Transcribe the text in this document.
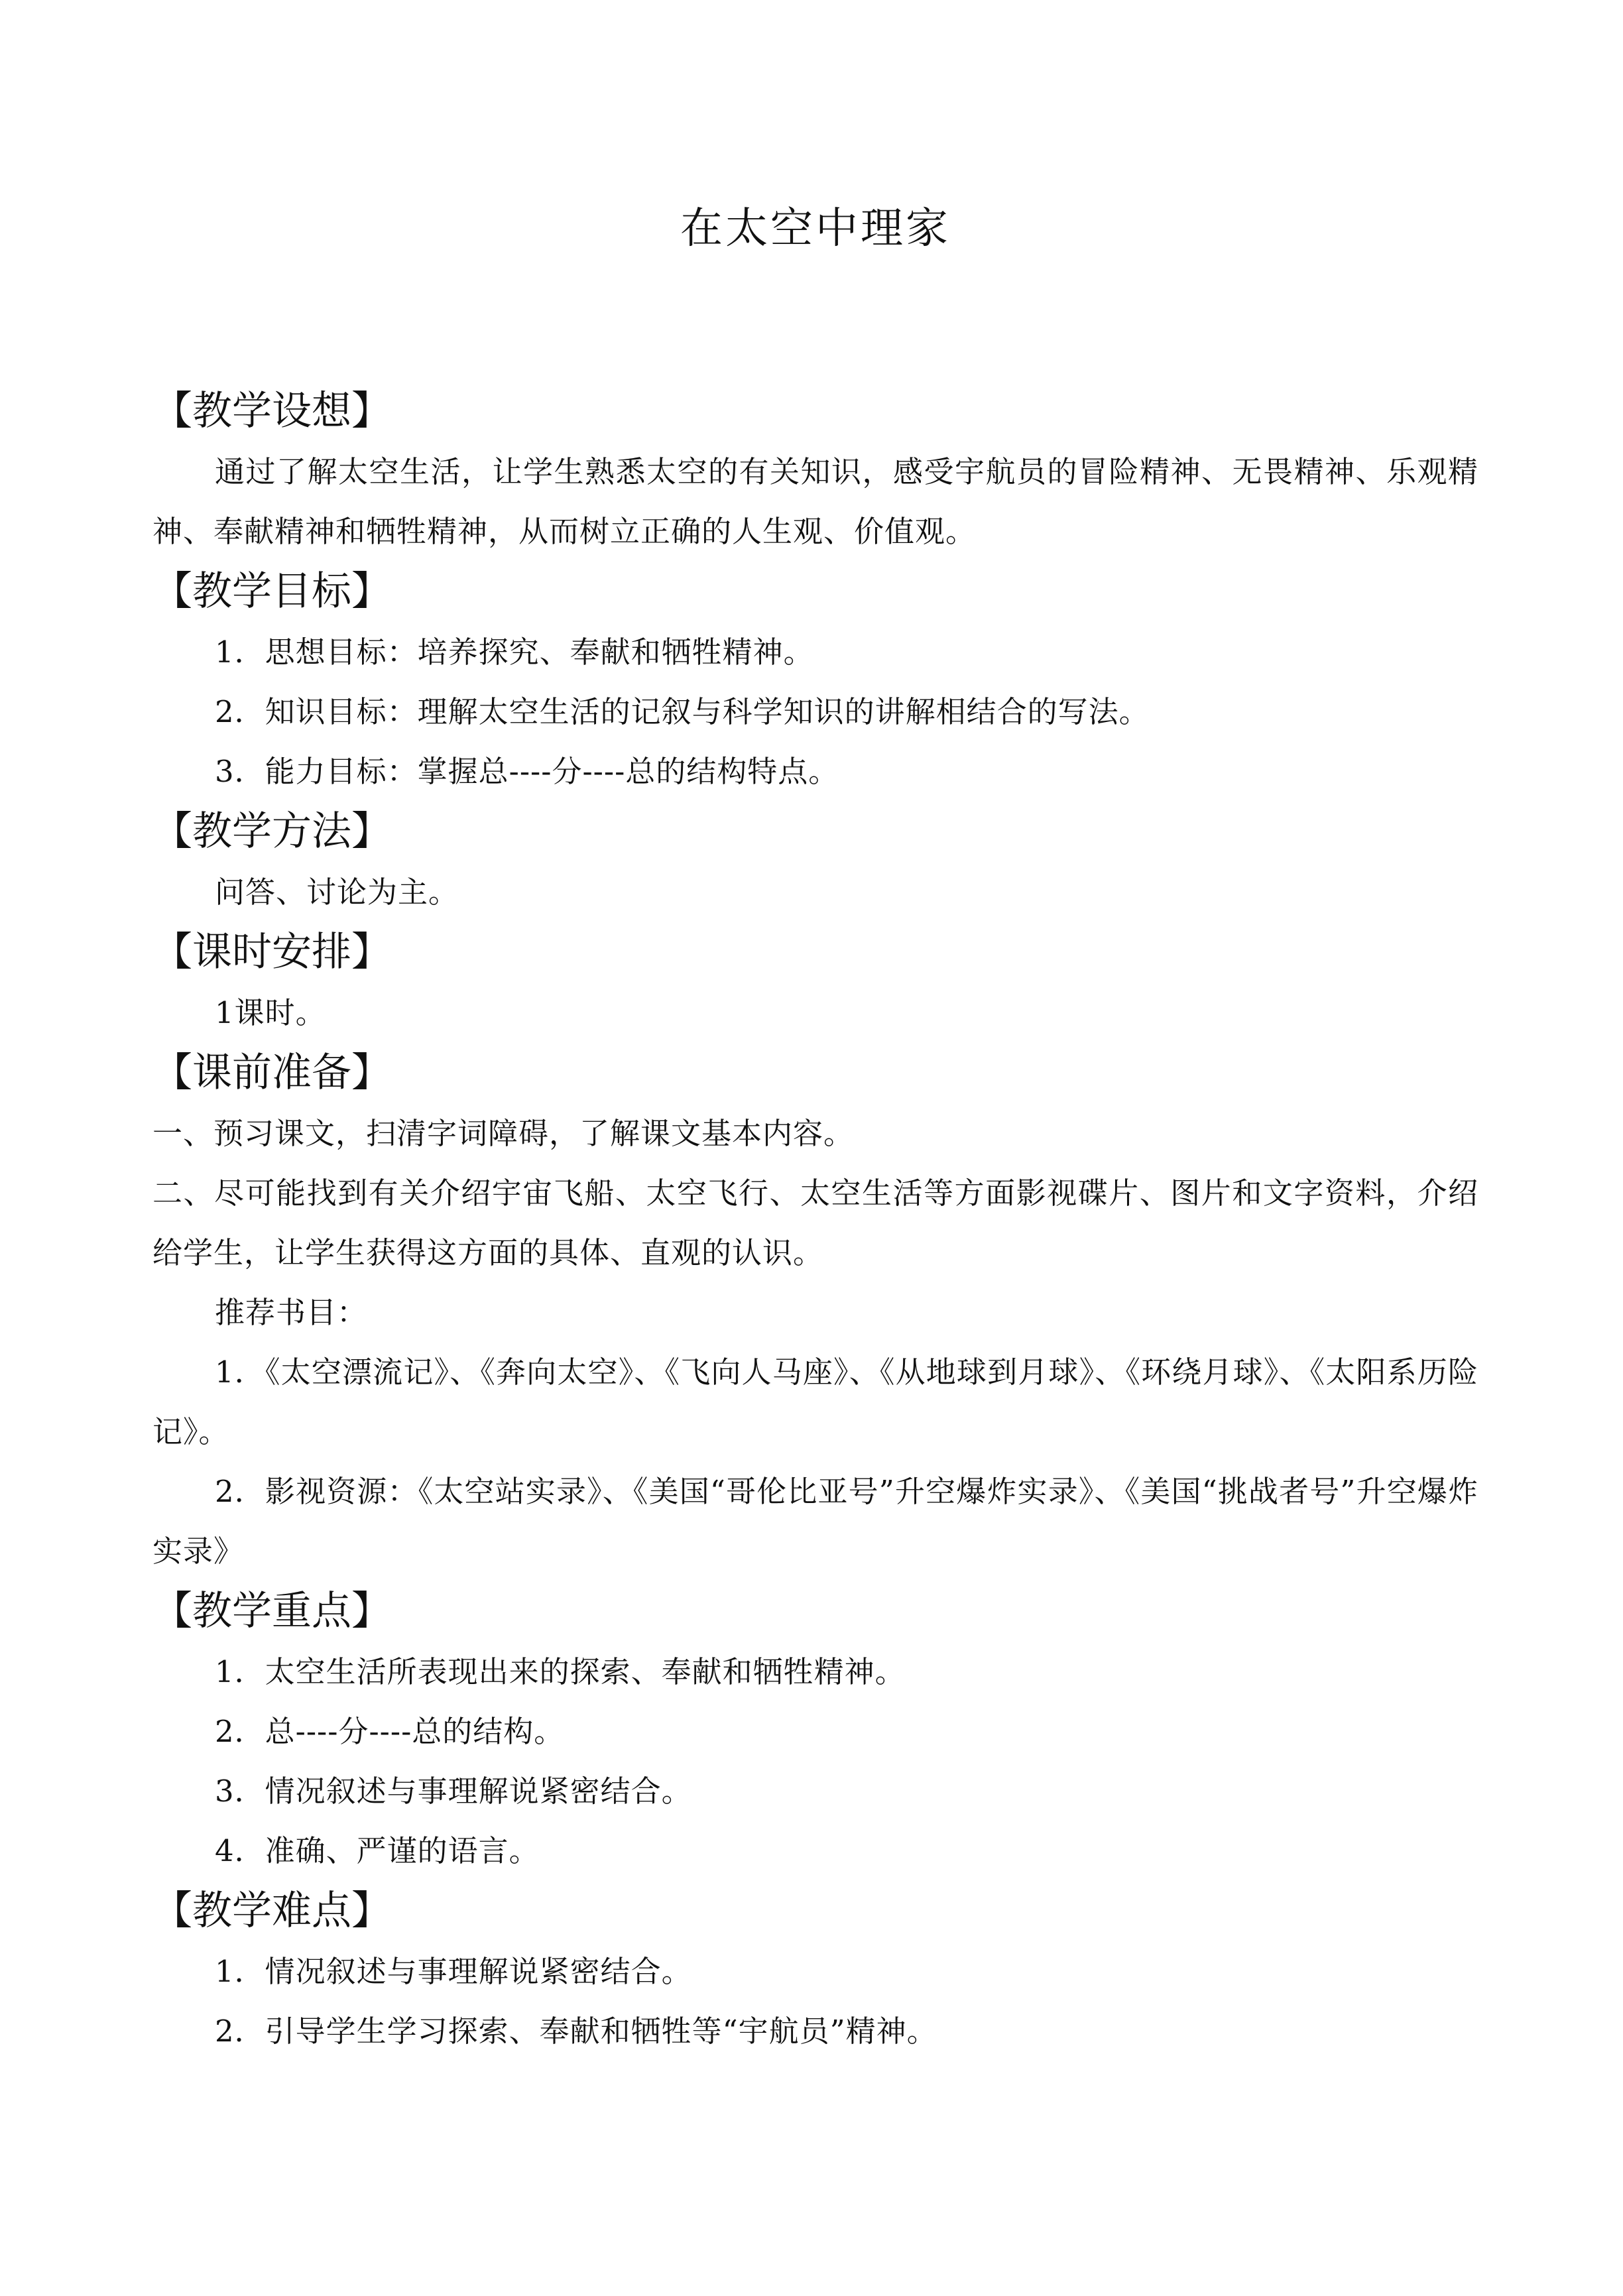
在太空中理家
【教学设想】

通过了解太空生活，让学生熟悉太空的有关知识，感受宇航员的冒险精神、无畏精神、乐观精神、奉献精神和牺牲精神，从而树立正确的人生观、价值观。

【教学目标】

1．思想目标：培养探究、奉献和牺牲精神。

2．知识目标：理解太空生活的记叙与科学知识的讲解相结合的写法。

3．能力目标：掌握总----分----总的结构特点。

【教学方法】

问答、讨论为主。

【课时安排】

1课时。

【课前准备】

一、预习课文，扫清字词障碍，了解课文基本内容。

二、尽可能找到有关介绍宇宙飞船、太空飞行、太空生活等方面影视碟片、图片和文字资料，介绍给学生，让学生获得这方面的具体、直观的认识。

推荐书目：

1．《太空漂流记》、《奔向太空》、《飞向人马座》、《从地球到月球》、《环绕月球》、《太阳系历险记》。

2．影视资源：《太空站实录》、《美国“哥伦比亚号”升空爆炸实录》、《美国“挑战者号”升空爆炸实录》

【教学重点】

1．太空生活所表现出来的探索、奉献和牺牲精神。

2．总----分----总的结构。

3．情况叙述与事理解说紧密结合。

4．准确、严谨的语言。

【教学难点】

1．情况叙述与事理解说紧密结合。

2．引导学生学习探索、奉献和牺牲等“宇航员”精神。
